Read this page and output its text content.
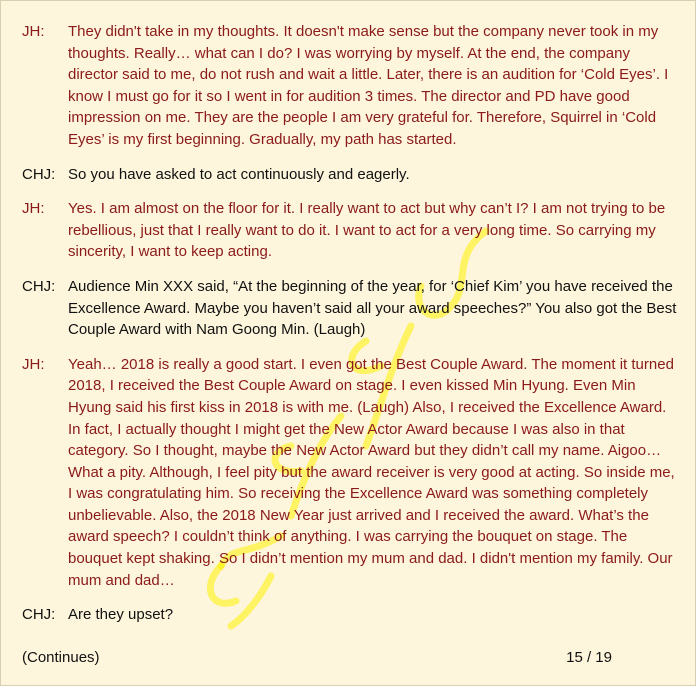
JH:	They didn't take in my thoughts. It doesn't make sense but the company never took in my thoughts. Really… what can I do? I was worrying by myself. At the end, the company director said to me, do not rush and wait a little. Later, there is an audition for ‘Cold Eyes’. I know I must go for it so I went in for audition 3 times. The director and PD have good impression on me. They are the people I am very grateful for. Therefore, Squirrel in ‘Cold Eyes’ is my first beginning. Gradually, my path has started.
CHJ: So you have asked to act continuously and eagerly.
JH:	Yes. I am almost on the floor for it. I really want to act but why can’t I? I am not trying to be rebellious, just that I really want to do it. I want to act for a very long time. So carrying my sincerity, I want to keep acting.
CHJ: Audience Min XXX said, “At the beginning of the year, for ‘Chief Kim’ you have received the Excellence Award. Maybe you haven’t said all your award speeches?” You also got the Best Couple Award with Nam Goong Min. (Laugh)
JH:	Yeah… 2018 is really a good start. I even got the Best Couple Award. The moment it turned 2018, I received the Best Couple Award on stage. I even kissed Min Hyung. Even Min Hyung said his first kiss in 2018 is with me. (Laugh) Also, I received the Excellence Award. In fact, I actually thought I might get the New Actor Award because I was also in that category. So I thought, maybe the New Actor Award but they didn’t call my name. Aigoo… What a pity. Although, I feel pity but the award receiver is very good at acting. So inside me, I was congratulating him. So receiving the Excellence Award was something completely unbelievable. Also, the 2018 New Year just arrived and I received the award. What’s the award speech? I couldn’t think of anything. I was carrying the bouquet on stage. The bouquet kept shaking. So I didn’t mention my mum and dad. I didn't mention my family. Our mum and dad…
CHJ: Are they upset?
(Continues)	15 / 19
